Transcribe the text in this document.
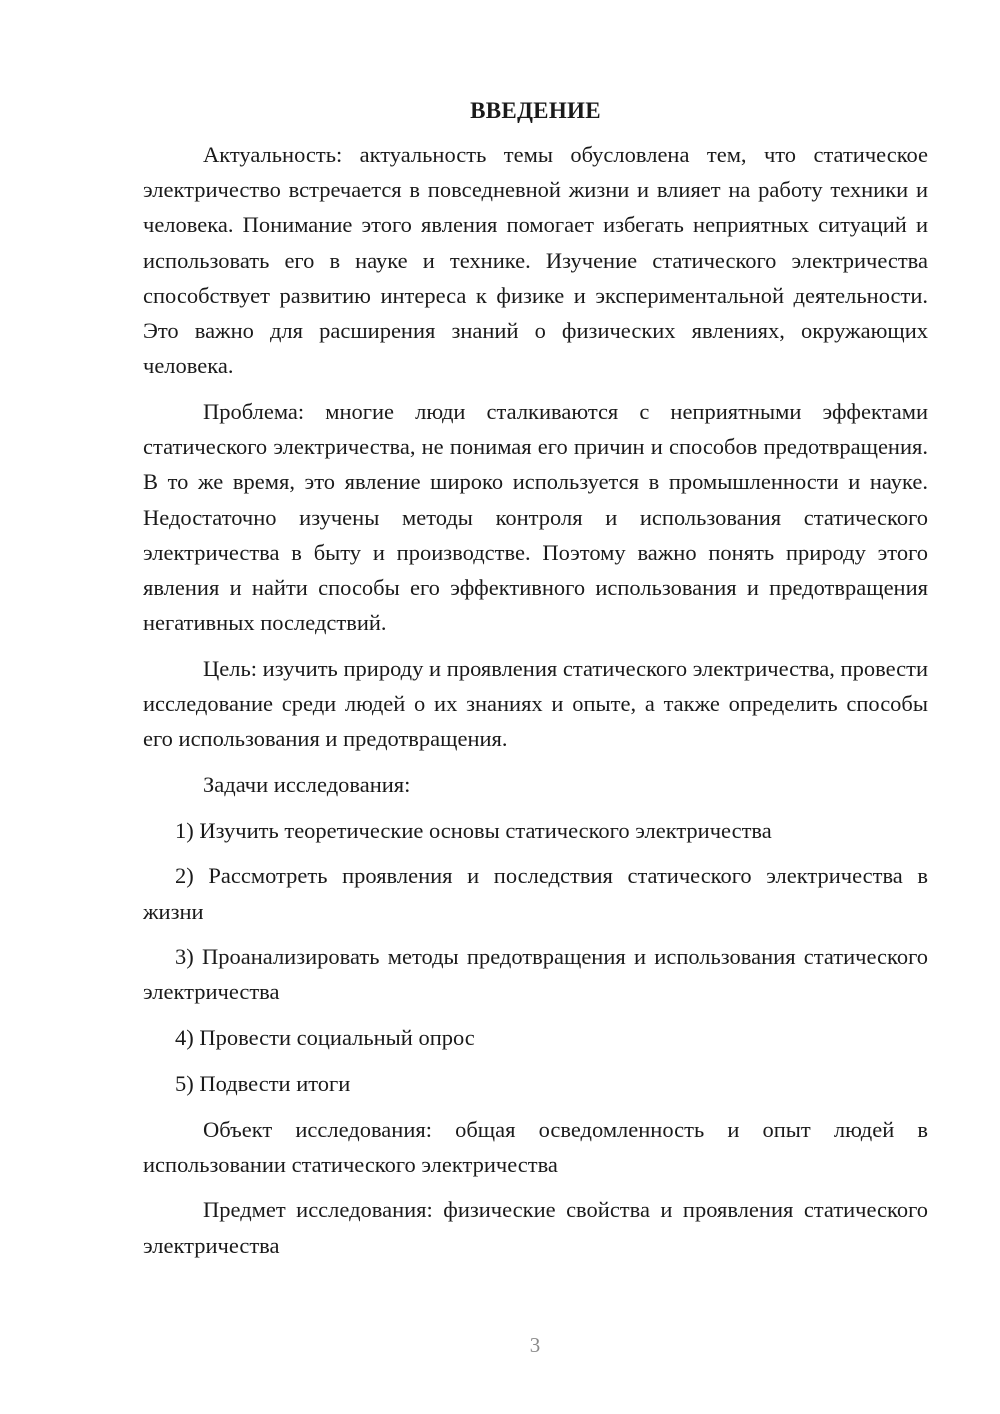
ВВЕДЕНИЕ

Актуальность: актуальность темы обусловлена тем, что статическое электричество встречается в повседневной жизни и влияет на работу техники и человека. Понимание этого явления помогает избегать неприятных ситуаций и использовать его в науке и технике. Изучение статического электричества способствует развитию интереса к физике и экспериментальной деятельности. Это важно для расширения знаний о физических явлениях, окружающих человека.

Проблема: многие люди сталкиваются с неприятными эффектами статического электричества, не понимая его причин и способов предотвращения. В то же время, это явление широко используется в промышленности и науке. Недостаточно изучены методы контроля и использования статического электричества в быту и производстве. Поэтому важно понять природу этого явления и найти способы его эффективного использования и предотвращения негативных последствий.

Цель: изучить природу и проявления статического электричества, провести исследование среди людей о их знаниях и опыте, а также определить способы его использования и предотвращения.

Задачи исследования:

1) Изучить теоретические основы статического электричества

2) Рассмотреть проявления и последствия статического электричества в жизни

3) Проанализировать методы предотвращения и использования статического электричества

4) Провести социальный опрос

5) Подвести итоги

Объект исследования: общая осведомленность и опыт людей в использовании статического электричества

Предмет исследования: физические свойства и проявления статического электричества

3
